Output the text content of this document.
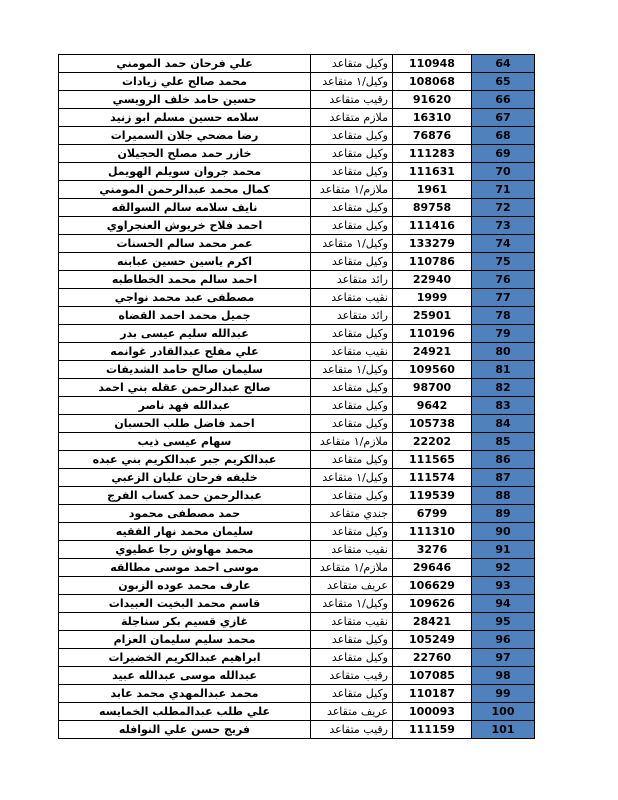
علي فرحان حمد المومني	وكيل متقاعد	110948	64
محمد صالح علي زيادات	وكيل/١ متقاعد	108068	65
حسين حامد خلف الرويسي	رقيب متقاعد	91620	66
سلامه حسين مسلم ابو زنيد	ملازم متقاعد	16310	67
رضا مضحي جلان السميرات	وكيل متقاعد	76876	68
خازر حمد مصلح الحجيلان	وكيل متقاعد	111283	69
محمد جروان سويلم الهويمل	وكيل متقاعد	111631	70
كمال محمد عبدالرحمن المومني	ملازم/١ متقاعد	1961	71
نايف سلامه سالم السوالقه	وكيل متقاعد	89758	72
احمد فلاح خريوش العنجراوي	وكيل متقاعد	111416	73
عمر محمد سالم الحسنات	وكيل/١ متقاعد	133279	74
اكرم ياسين حسين عبابنه	وكيل متقاعد	110786	75
احمد سالم محمد الخطاطبه	رائد متقاعد	22940	76
مصطفى عبد محمد نواجي	نقيب متقاعد	1999	77
جميل محمد احمد القضاه	رائد متقاعد	25901	78
عبدالله سليم عيسى بدر	وكيل متقاعد	110196	79
علي مفلح عبدالقادر غوانمه	نقيب متقاعد	24921	80
سليمان صالح حامد الشديفات	وكيل/١ متقاعد	109560	81
صالح عبدالرحمن عقله بني احمد	وكيل متقاعد	98700	82
عبدالله فهد ناصر	وكيل متقاعد	9642	83
احمد فاضل طلب الحسبان	وكيل متقاعد	105738	84
سهام عيسى ذيب	ملازم/١ متقاعد	22202	85
عبدالكريم جبر عبدالكريم بني عبده	وكيل متقاعد	111565	86
خليفه فرحان عليان الزعبي	وكيل/١ متقاعد	111574	87
عبدالرحمن حمد كساب الفرج	وكيل متقاعد	119539	88
حمد مصطفى محمود	جندي متقاعد	6799	89
سليمان محمد نهار الفقيه	وكيل متقاعد	111310	90
محمد مهاوش رجا عطيوي	نقيب متقاعد	3276	91
موسى احمد موسى مطالقه	ملازم/١ متقاعد	29646	92
عارف محمد عوده الزبون	عريف متقاعد	106629	93
قاسم محمد البخيت العبيدات	وكيل/١ متقاعد	109626	94
غازي قسيم بكر سناجلة	نقيب متقاعد	28421	95
محمد سليم سليمان العزام	وكيل متقاعد	105249	96
ابراهيم عبدالكريم الخضيرات	وكيل متقاعد	22760	97
عبدالله موسى عبدالله عبيد	رقيب متقاعد	107085	98
محمد عبدالمهدي محمد عابد	وكيل متقاعد	110187	99
علي طلب عبدالمطلب الخمايسه	عريف متقاعد	100093	100
فريج حسن علي النوافله	رقيب متقاعد	111159	101
